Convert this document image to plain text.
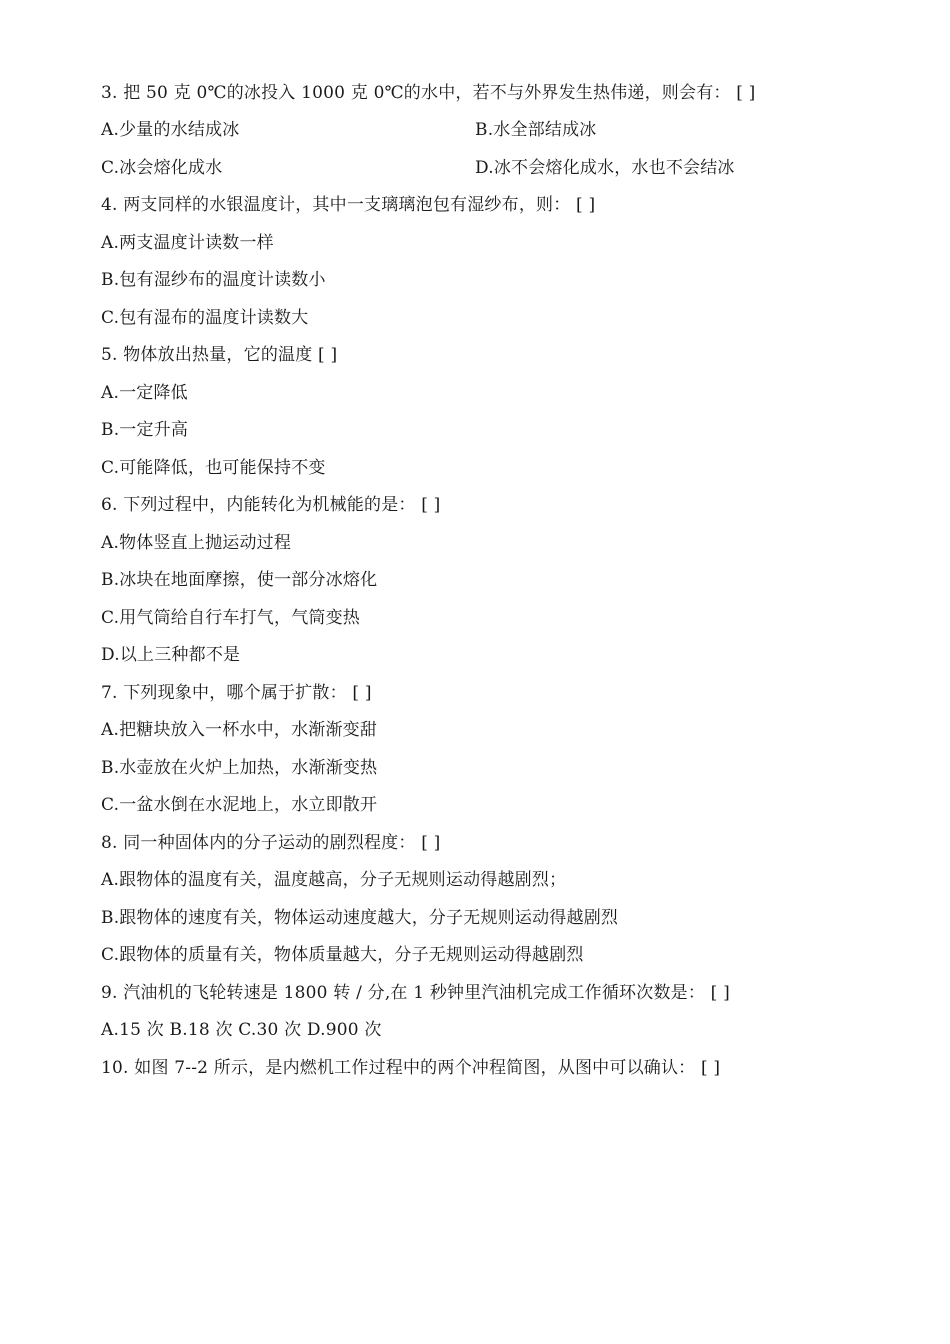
3. 把 50 克 0℃的冰投入 1000 克 0℃的水中，若不与外界发生热伟递，则会有： [ ]
A.少量的水结成冰	B.水全部结成冰
C.冰会熔化成水	D.冰不会熔化成水，水也不会结冰
4. 两支同样的水银温度计，其中一支璃璃泡包有湿纱布，则： [ ]
A.两支温度计读数一样
B.包有湿纱布的温度计读数小
C.包有湿布的温度计读数大
5. 物体放出热量，它的温度 [ ]
A.一定降低
B.一定升高
C.可能降低，也可能保持不变
6. 下列过程中，内能转化为机械能的是： [ ]
A.物体竖直上抛运动过程
B.冰块在地面摩擦，使一部分冰熔化
C.用气筒给自行车打气，气筒变热
D.以上三种都不是
7. 下列现象中，哪个属于扩散： [ ]
A.把糖块放入一杯水中，水渐渐变甜
B.水壶放在火炉上加热，水渐渐变热
C.一盆水倒在水泥地上，水立即散开
8. 同一种固体内的分子运动的剧烈程度： [ ]
A.跟物体的温度有关，温度越高，分子无规则运动得越剧烈；
B.跟物体的速度有关，物体运动速度越大，分子无规则运动得越剧烈
C.跟物体的质量有关，物体质量越大，分子无规则运动得越剧烈
9. 汽油机的飞轮转速是 1800 转 / 分,在 1 秒钟里汽油机完成工作循环次数是： [ ]
A.15 次 B.18 次 C.30 次 D.900 次
10. 如图 7--2 所示，是内燃机工作过程中的两个冲程简图，从图中可以确认： [ ]
